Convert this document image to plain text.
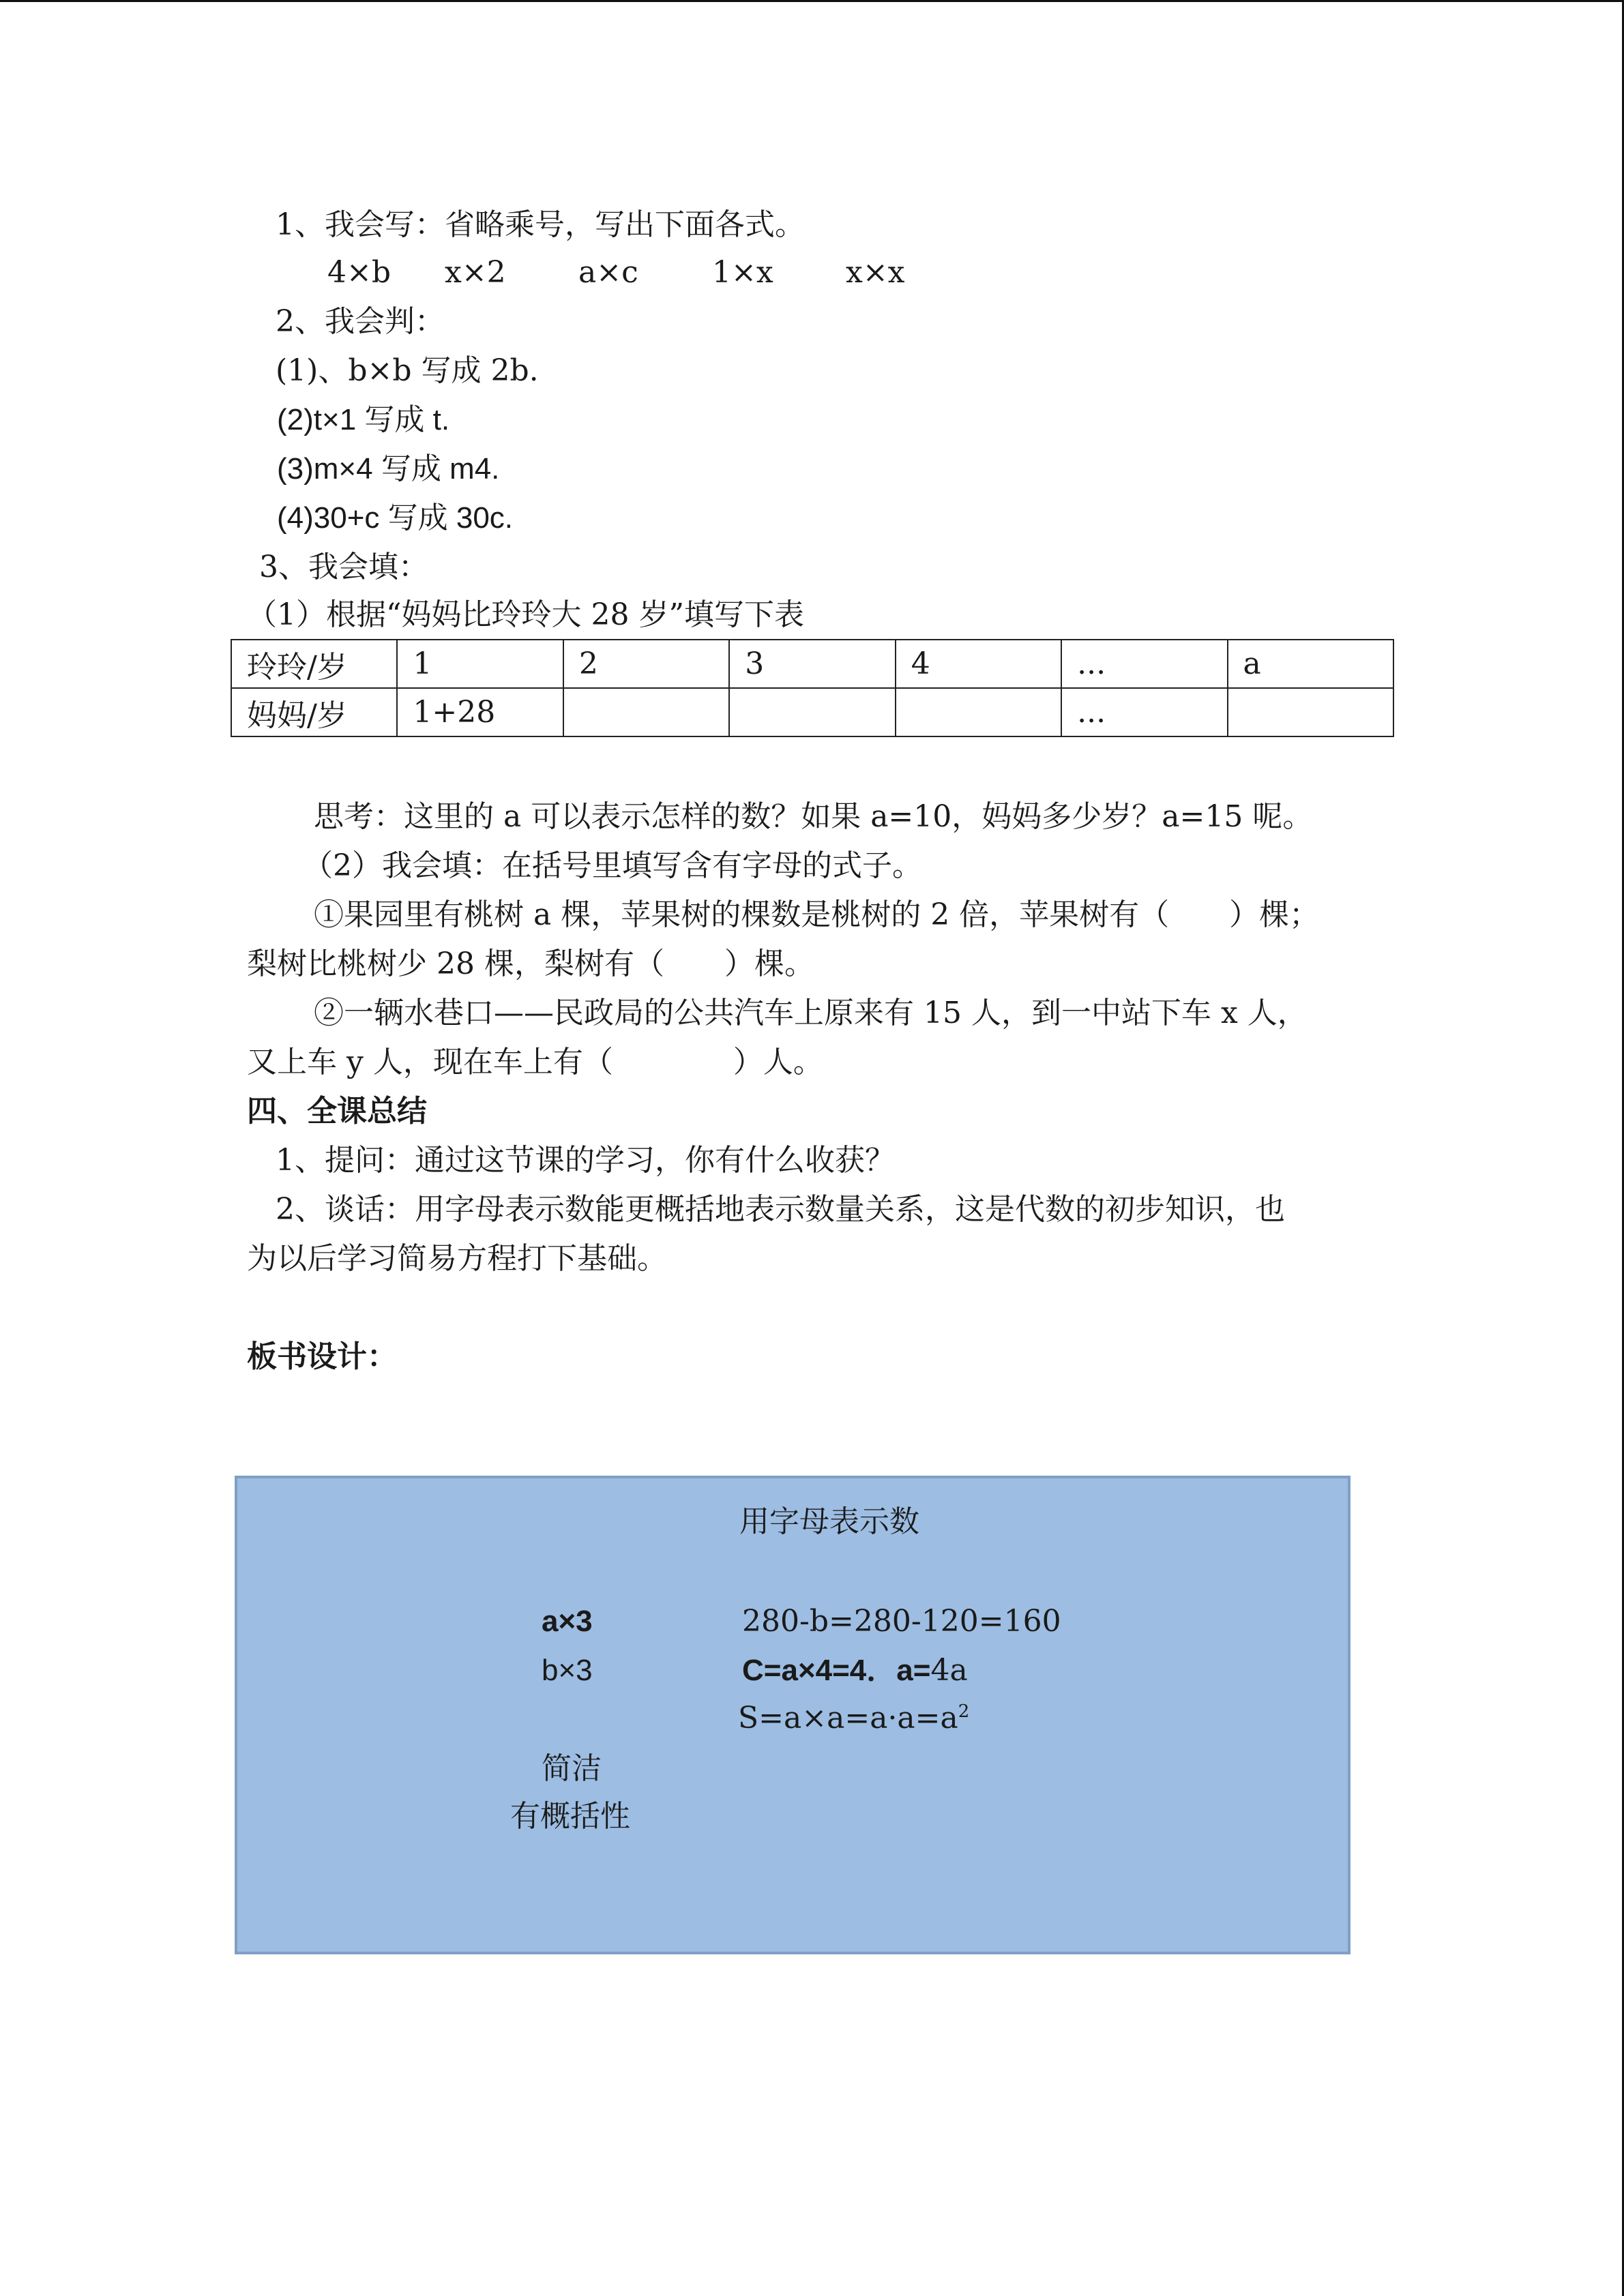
1、我会写：省略乘号，写出下面各式。
4×b x×2 a×c 1×x x×x
2、我会判：
(1)、b×b 写成 2b.
(2)t×1 写成 t.
(3)m×4 写成 m4.
(4)30+c 写成 30c.
3、我会填：
（1）根据“妈妈比玲玲大 28 岁”填写下表
玲玲/岁	1	2	3	4	...	a
妈妈/岁	1+28				...	
思考：这里的 a 可以表示怎样的数？如果 a=10，妈妈多少岁？a=15 呢。
（2）我会填：在括号里填写含有字母的式子。
①果园里有桃树 a 棵，苹果树的棵数是桃树的 2 倍，苹果树有（　　）棵；
梨树比桃树少 28 棵，梨树有（　　）棵。
②一辆水巷口——民政局的公共汽车上原来有 15 人，到一中站下车 x 人，
又上车 y 人，现在车上有（　　　　）人。
四、全课总结
1、提问：通过这节课的学习，你有什么收获？
2、谈话：用字母表示数能更概括地表示数量关系，这是代数的初步知识，也
为以后学习简易方程打下基础。
板书设计：
用字母表示数
a×3
b×3
280-b=280-120=160
C=a×4=4．a=4a
$S=a\times a=a\cdot a=a^2$
简洁
有概括性
